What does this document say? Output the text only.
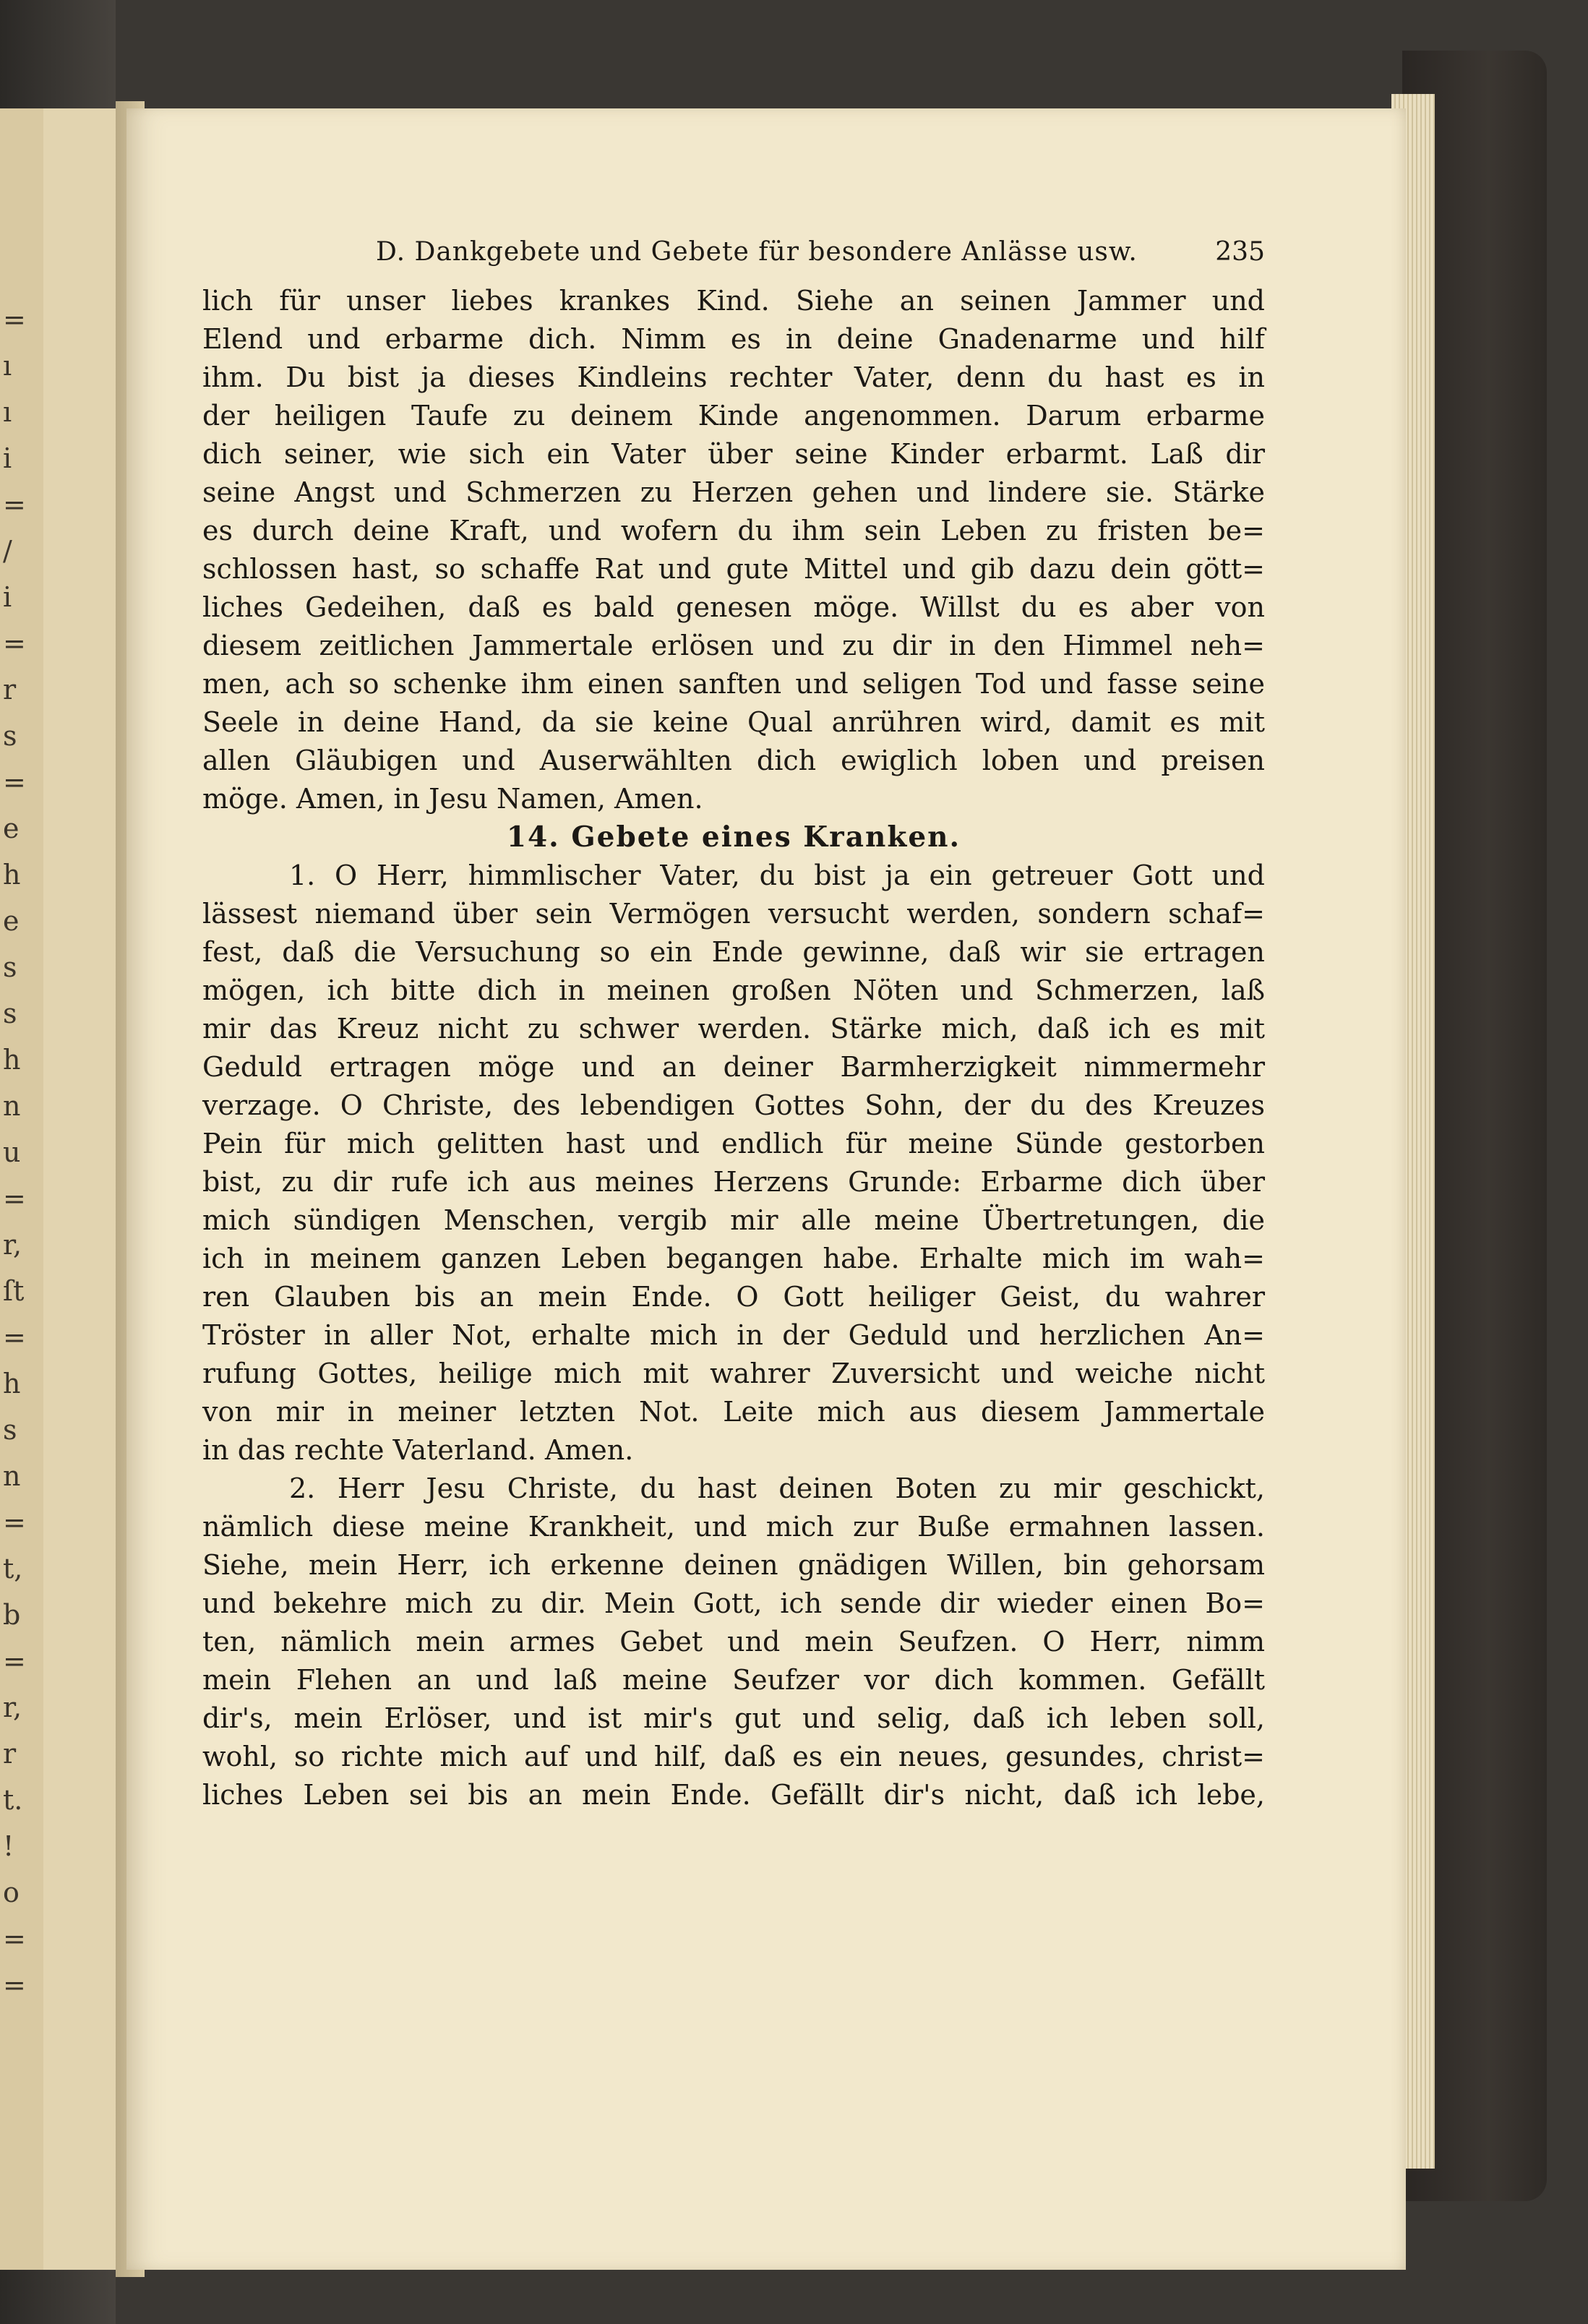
=
ı
ı
i
=
/
i
=
r
s
=
e
h
e
s
s
h
n
u
=
r,
ſt
=
h
s
n
=
t,
b
=
r,
r
t.
!
o
=
=
D. Dankgebete und Gebete für besondere Anlässe usw.	235
lich für unser liebes krankes Kind. Siehe an seinen Jammer und
Elend und erbarme dich. Nimm es in deine Gnadenarme und hilf
ihm. Du bist ja dieses Kindleins rechter Vater, denn du hast es in
der heiligen Taufe zu deinem Kinde angenommen. Darum erbarme
dich seiner, wie sich ein Vater über seine Kinder erbarmt. Laß dir
seine Angst und Schmerzen zu Herzen gehen und lindere sie. Stärke
es durch deine Kraft, und wofern du ihm sein Leben zu fristen be=
schlossen hast, so schaffe Rat und gute Mittel und gib dazu dein gött=
liches Gedeihen, daß es bald genesen möge. Willst du es aber von
diesem zeitlichen Jammertale erlösen und zu dir in den Himmel neh=
men, ach so schenke ihm einen sanften und seligen Tod und fasse seine
Seele in deine Hand, da sie keine Qual anrühren wird, damit es mit
allen Gläubigen und Auserwählten dich ewiglich loben und preisen
möge. Amen, in Jesu Namen, Amen.
14. Gebete eines Kranken.
1. O Herr, himmlischer Vater, du bist ja ein getreuer Gott und
lässest niemand über sein Vermögen versucht werden, sondern schaf=
fest, daß die Versuchung so ein Ende gewinne, daß wir sie ertragen
mögen, ich bitte dich in meinen großen Nöten und Schmerzen, laß
mir das Kreuz nicht zu schwer werden. Stärke mich, daß ich es mit
Geduld ertragen möge und an deiner Barmherzigkeit nimmermehr
verzage. O Christe, des lebendigen Gottes Sohn, der du des Kreuzes
Pein für mich gelitten hast und endlich für meine Sünde gestorben
bist, zu dir rufe ich aus meines Herzens Grunde: Erbarme dich über
mich sündigen Menschen, vergib mir alle meine Übertretungen, die
ich in meinem ganzen Leben begangen habe. Erhalte mich im wah=
ren Glauben bis an mein Ende. O Gott heiliger Geist, du wahrer
Tröster in aller Not, erhalte mich in der Geduld und herzlichen An=
rufung Gottes, heilige mich mit wahrer Zuversicht und weiche nicht
von mir in meiner letzten Not. Leite mich aus diesem Jammertale
in das rechte Vaterland. Amen.
2. Herr Jesu Christe, du hast deinen Boten zu mir geschickt,
nämlich diese meine Krankheit, und mich zur Buße ermahnen lassen.
Siehe, mein Herr, ich erkenne deinen gnädigen Willen, bin gehorsam
und bekehre mich zu dir. Mein Gott, ich sende dir wieder einen Bo=
ten, nämlich mein armes Gebet und mein Seufzen. O Herr, nimm
mein Flehen an und laß meine Seufzer vor dich kommen. Gefällt
dir's, mein Erlöser, und ist mir's gut und selig, daß ich leben soll,
wohl, so richte mich auf und hilf, daß es ein neues, gesundes, christ=
liches Leben sei bis an mein Ende. Gefällt dir's nicht, daß ich lebe,
